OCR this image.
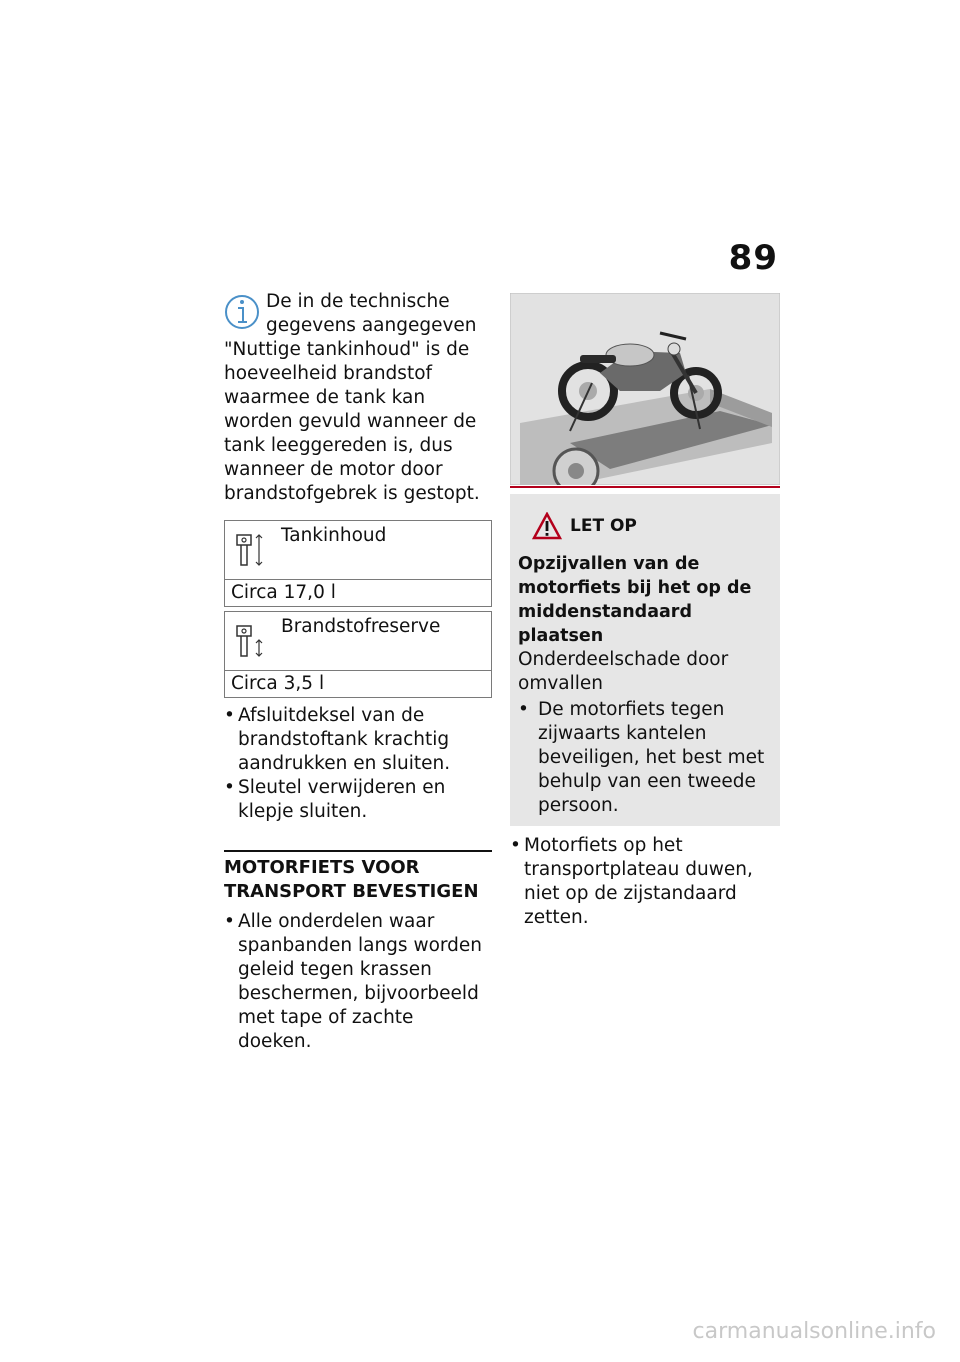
89

De in de technische gegevens aangegeven "Nuttige tankinhoud" is de hoeveelheid brandstof waarmee de tank kan worden gevuld wanneer de tank leeggereden is, dus wanneer de motor door brandstofgebrek is gestopt.

Tankinhoud
Circa 17,0 l
Brandstofreserve
Circa 3,5 l
• Afsluitdeksel van de brandstoftank krachtig aandrukken en sluiten.
• Sleutel verwijderen en klepje sluiten.
MOTORFIETS VOOR TRANSPORT BEVESTIGEN
• Alle onderdelen waar spanbanden langs worden geleid tegen krassen beschermen, bijvoorbeeld met tape of zachte doeken.
LET OP
Opzijvallen van de motorfiets bij het op de middenstandaard plaatsen
Onderdeelschade door omvallen
• De motorfiets tegen zijwaarts kantelen beveiligen, het best met behulp van een tweede persoon.
• Motorfiets op het transportplateau duwen, niet op de zijstandaard zetten.
carmanualsonline.info
